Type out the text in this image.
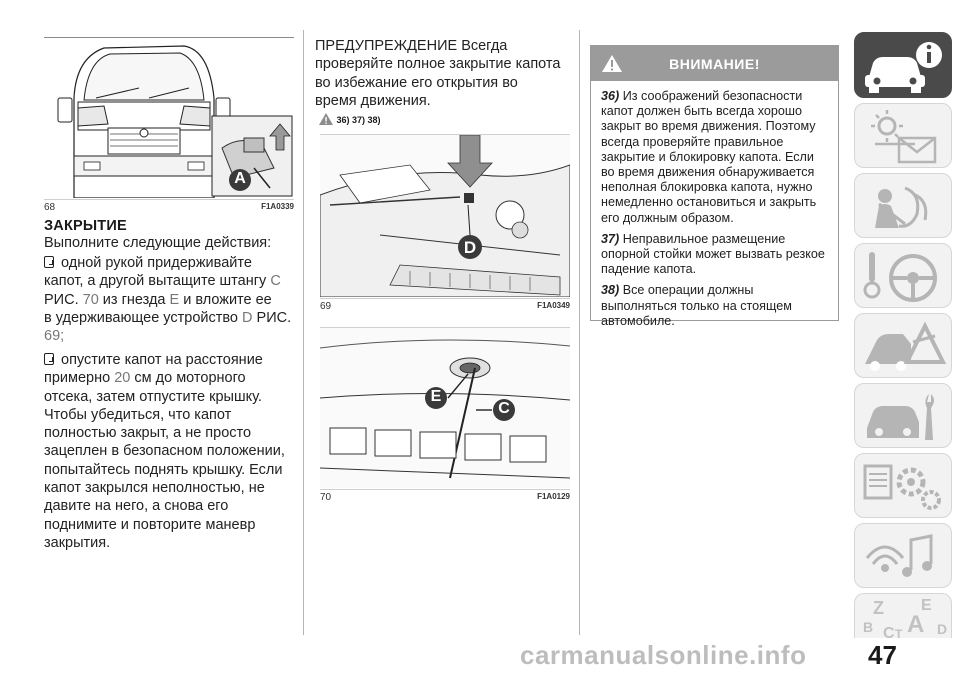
A
68	F1A0339
ЗАКРЫТИЕ
Выполните следующие действия:
одной рукой придерживайте
капот, а другой вытащите штангу C
РИС. 70 из гнезда E и вложите ее
в удерживающее устройство D РИС.
69;
опустите капот на расстояние
примерно 20 см до моторного
отсека, затем отпустите крышку.
Чтобы убедиться, что капот
полностью закрыт, а не просто
зацеплен в безопасном положении,
попытайтесь поднять крышку. Если
капот закрылся неполностью, не
давите на него, а снова его
поднимите и повторите маневр
закрытия.
ПРЕДУПРЕЖДЕНИЕ Всегда
проверяйте полное закрытие капота
во избежание его открытия во
время движения.
36) 37) 38)
D
69	F1A0349
E
C
70	F1A0129
ВНИМАНИЕ!

36) Из соображений безопасности капот должен быть всегда хорошо закрыт во время движения. Поэтому всегда проверяйте правильное закрытие и блокировку капота. Если во время движения обнаруживается неполная блокировка капота, нужно немедленно остановиться и закрыть его должным образом.

37) Неправильное размещение опорной стойки может вызвать резкое падение капота.

38) Все операции должны выполняться только на стоящем автомобиле.

Z E
B A
C	D
T
carmanualsonline.info 47
